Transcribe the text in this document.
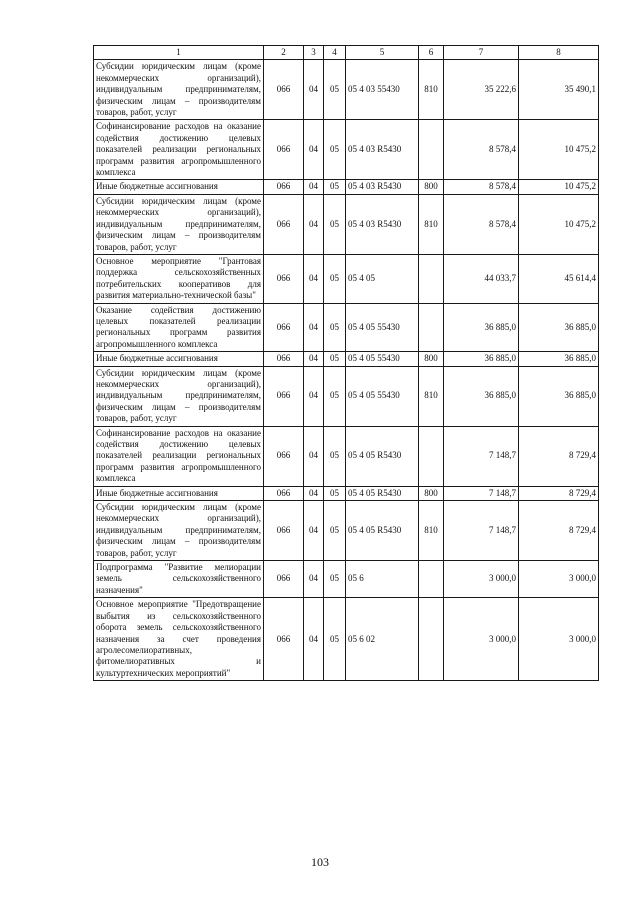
1	2	3	4	5	6	7	8
Субсидии юридическим лицам (кроме некоммерческих организаций), индивидуальным предпринимателям, физическим лицам – производителям товаров, работ, услуг	066	04	05	05 4 03 55430	810	35 222,6	35 490,1
Софинансирование расходов на оказание содействия достижению целевых показателей реализации региональных программ развития агропромышленного комплекса	066	04	05	05 4 03 R5430		8 578,4	10 475,2
Иные бюджетные ассигнования	066	04	05	05 4 03 R5430	800	8 578,4	10 475,2
Субсидии юридическим лицам (кроме некоммерческих организаций), индивидуальным предпринимателям, физическим лицам – производителям товаров, работ, услуг	066	04	05	05 4 03 R5430	810	8 578,4	10 475,2
Основное мероприятие "Грантовая поддержка сельскохозяйственных потребительских кооперативов для развития материально-технической базы"	066	04	05	05 4 05		44 033,7	45 614,4
Оказание содействия достижению целевых показателей реализации региональных программ развития агропромышленного комплекса	066	04	05	05 4 05 55430		36 885,0	36 885,0
Иные бюджетные ассигнования	066	04	05	05 4 05 55430	800	36 885,0	36 885,0
Субсидии юридическим лицам (кроме некоммерческих организаций), индивидуальным предпринимателям, физическим лицам – производителям товаров, работ, услуг	066	04	05	05 4 05 55430	810	36 885,0	36 885,0
Софинансирование расходов на оказание содействия достижению целевых показателей реализации региональных программ развития агропромышленного комплекса	066	04	05	05 4 05 R5430		7 148,7	8 729,4
Иные бюджетные ассигнования	066	04	05	05 4 05 R5430	800	7 148,7	8 729,4
Субсидии юридическим лицам (кроме некоммерческих организаций), индивидуальным предпринимателям, физическим лицам – производителям товаров, работ, услуг	066	04	05	05 4 05 R5430	810	7 148,7	8 729,4
Подпрограмма "Развитие мелиорации земель сельскохозяйственного назначения"	066	04	05	05 6		3 000,0	3 000,0
Основное мероприятие "Предотвращение выбытия из сельскохозяйственного оборота земель сельскохозяйственного назначения за счет проведения агролесомелиоративных, фитомелиоративных и культуртехнических мероприятий"	066	04	05	05 6 02		3 000,0	3 000,0
103
